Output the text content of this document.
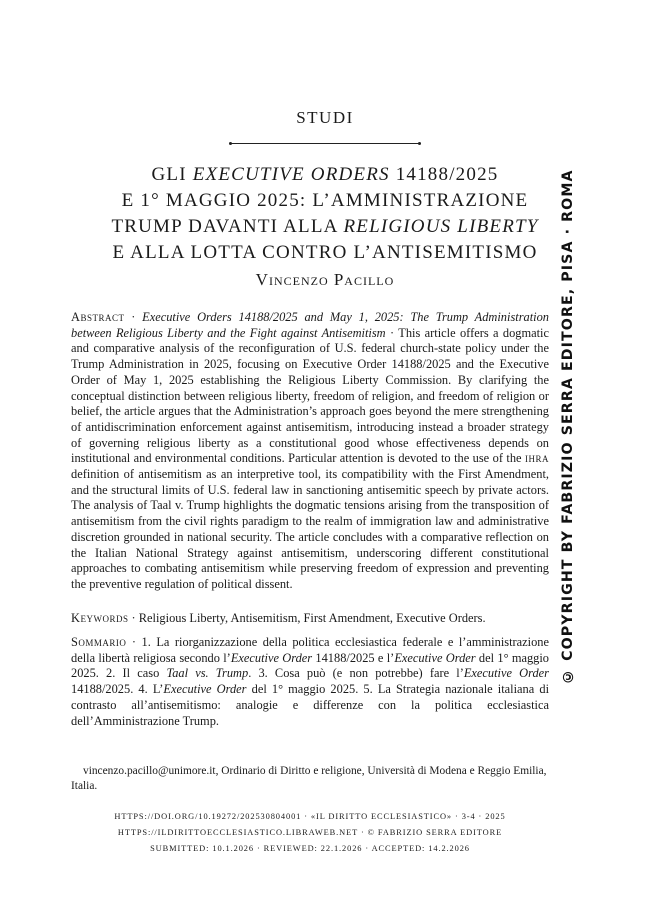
STUDI
GLI EXECUTIVE ORDERS 14188/2025
E 1° MAGGIO 2025: L’AMMINISTRAZIONE
TRUMP DAVANTI ALLA RELIGIOUS LIBERTY
E ALLA LOTTA CONTRO L’ANTISEMITISMO
Vincenzo Pacillo
Abstract · Executive Orders 14188/2025 and May 1, 2025: The Trump Administration between Religious Liberty and the Fight against Antisemitism · This article offers a dogmatic and comparative analysis of the reconfiguration of U.S. federal church-state policy under the Trump Administration in 2025, focusing on Executive Order 14188/2025 and the Executive Order of May 1, 2025 establishing the Religious Liberty Commission. By clarifying the conceptual distinction between religious liberty, freedom of religion, and freedom of religion or belief, the article argues that the Administration’s approach goes beyond the mere strengthening of antidiscrimination enforcement against antisemitism, introducing instead a broader strategy of governing religious liberty as a constitutional good whose effectiveness depends on institutional and environmental conditions. Particular attention is devoted to the use of the ihra definition of antisemitism as an interpretive tool, its compatibility with the First Amendment, and the structural limits of U.S. federal law in sanctioning antisemitic speech by private actors. The analysis of Taal v. Trump highlights the dogmatic tensions arising from the transposition of antisemitism from the civil rights paradigm to the realm of immigration law and administrative discretion grounded in national security. The article concludes with a comparative reflection on the Italian National Strategy against antisemitism, underscoring different constitutional approaches to combating antisemitism while preserving freedom of expression and preventing the preventive regulation of political dissent.
Keywords · Religious Liberty, Antisemitism, First Amendment, Executive Orders.
Sommario · 1. La riorganizzazione della politica ecclesiastica federale e l’amministrazione della libertà religiosa secondo l’Executive Order 14188/2025 e l’Executive Order del 1° maggio 2025. 2. Il caso Taal vs. Trump. 3. Cosa può (e non potrebbe) fare l’Executive Order 14188/2025. 4. L’Executive Order del 1° maggio 2025. 5. La Strategia nazionale italiana di contrasto all’antisemitismo: analogie e differenze con la politica ecclesiastica dell’Amministrazione Trump.
vincenzo.pacillo@unimore.it, Ordinario di Diritto e religione, Università di Modena e Reggio Emilia, Italia.
HTTPS://DOI.ORG/10.19272/202530804001 · «IL DIRITTO ECCLESIASTICO» · 3-4 · 2025
HTTPS://ILDIRITTOECCLESIASTICO.LIBRAWEB.NET · © FABRIZIO SERRA EDITORE
SUBMITTED: 10.1.2026 · REVIEWED: 22.1.2026 · ACCEPTED: 14.2.2026
© COPYRIGHT BY FABRIZIO SERRA EDITORE, PISA · ROMA
